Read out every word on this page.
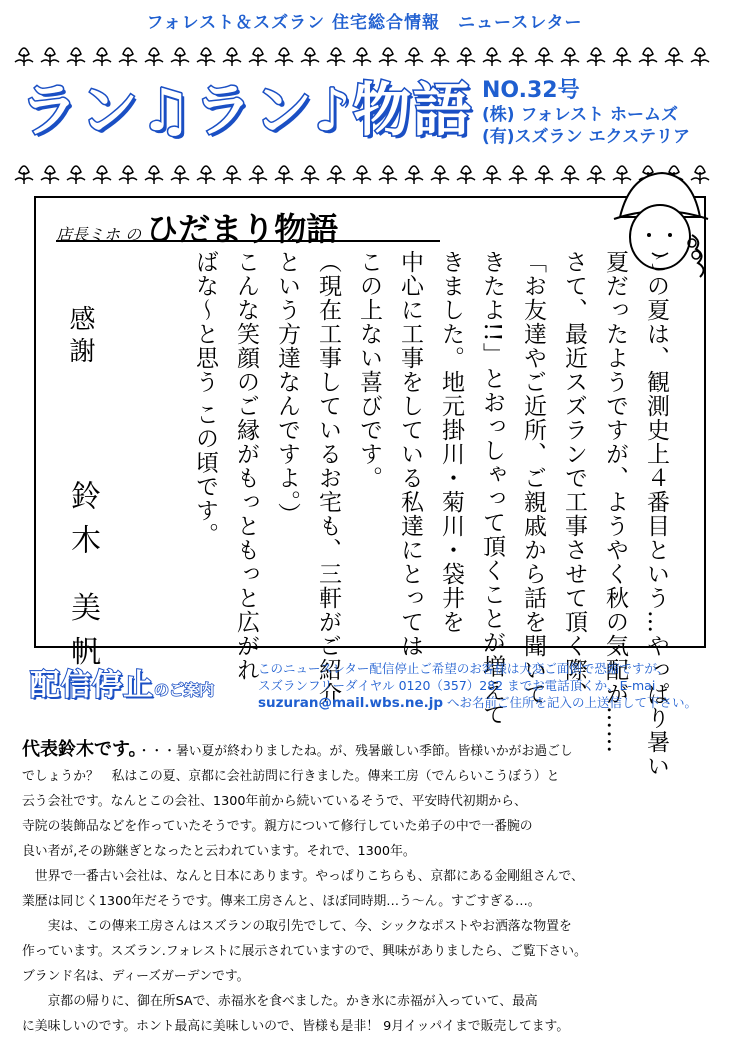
フォレスト＆スズラン 住宅総合情報　ニュースレター
ラン♫ラン♪物語 NO.32号
(株) フォレスト ホームズ
(有)スズラン エクステリア
店長ミホ の ひだまり物語
この夏は、観測史上４番目という…やっぱり暑い
夏だったようですが、ようやく秋の気配が……
さて、最近スズランで工事させて頂く際、
「お友達やご近所、ご親戚から話を聞いて
きたよ!!」とおっしゃって頂くことが増えて
きました。地元掛川・菊川・袋井を
中心に工事をしている私達にとっては
この上ない喜びです。
（現在工事しているお宅も、三軒がご紹介
という方達なんですよ。）
こんな笑顔のご縁がもっともっと広がれ
ばな〜と思う この頃です。
感謝
鈴木 美帆
配信停止のご案内
このニュースレター配信停止ご希望のお客様は大変ご面倒で恐縮ですが、
スズランフリーダイヤル 0120（357）282 までお電話頂くか、E-mai
suzuran@mail.wbs.ne.jp へお名前ご住所を記入の上送信して下さい。

代表鈴木です。・・・暑い夏が終わりましたね。が、残暑厳しい季節。皆様いかがお過ごし

でしょうか？　私はこの夏、京都に会社訪問に行きました。傳来工房（でんらいこうぼう）と

云う会社です。なんとこの会社、1300年前から続いているそうで、平安時代初期から、

寺院の装飾品などを作っていたそうです。親方について修行していた弟子の中で一番腕の

良い者が,その跡継ぎとなったと云われています。それで、1300年。

　世界で一番古い会社は、なんと日本にあります。やっぱりこちらも、京都にある金剛組さんで、

業歴は同じく1300年だそうです。傳来工房さんと、ほぼ同時期…う～ん。すごすぎる…。

　　実は、この傳来工房さんはスズランの取引先でして、今、シックなポストやお洒落な物置を

作っています。スズラン.フォレストに展示されていますので、興味がありましたら、ご覧下さい。

ブランド名は、ディーズガーデンです。

　　京都の帰りに、御在所SAで、赤福氷を食べました。かき氷に赤福が入っていて、最高

に美味しいのです。ホント最高に美味しいので、皆様も是非！ 9月イッパイまで販売してます。
